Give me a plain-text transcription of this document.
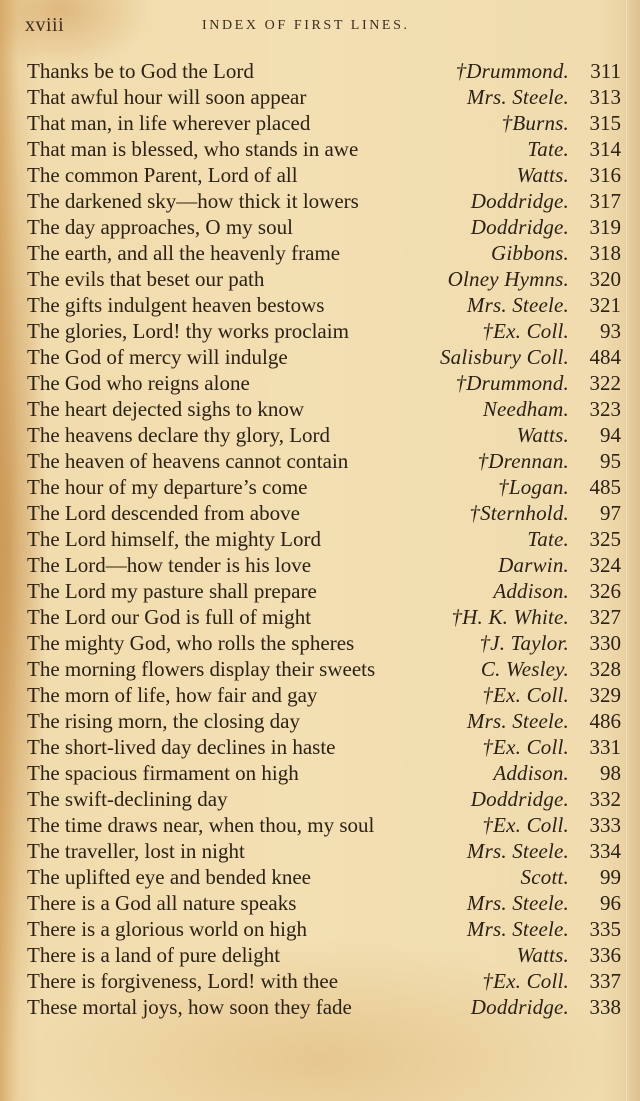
xviii	INDEX OF FIRST LINES.
Thanks be to God the Lord	†Drummond.	311
That awful hour will soon appear	Mrs. Steele. 313
That man, in life wherever placed	†Burns. 315
That man is blessed, who stands in awe	Tate. 314
The common Parent, Lord of all	Watts. 316
The darkened sky—how thick it lowers	Doddridge. 317
The day approaches, O my soul	Doddridge. 319
The earth, and all the heavenly frame	Gibbons. 318
The evils that beset our path	Olney Hymns. 320
The gifts indulgent heaven bestows	Mrs. Steele. 321
The glories, Lord! thy works proclaim	†Ex. Coll.	93
The God of mercy will indulge	Salisbury Coll. 484
The God who reigns alone	†Drummond. 322
The heart dejected sighs to know	Needham. 323
The heavens declare thy glory, Lord	Watts.	94
The heaven of heavens cannot contain	†Drennan.	95
The hour of my departure’s come	†Logan. 485
The Lord descended from above	†Sternhold.	97
The Lord himself, the mighty Lord	Tate. 325
The Lord—how tender is his love	Darwin. 324
The Lord my pasture shall prepare	Addison. 326
The Lord our God is full of might	†H. K. White. 327
The mighty God, who rolls the spheres	†J. Taylor. 330
The morning flowers display their sweets	C. Wesley. 328
The morn of life, how fair and gay	†Ex. Coll. 329
The rising morn, the closing day	Mrs. Steele. 486
The short-lived day declines in haste	†Ex. Coll. 331
The spacious firmament on high	Addison.	98
The swift-declining day	Doddridge. 332
The time draws near, when thou, my soul	†Ex. Coll. 333
The traveller, lost in night	Mrs. Steele. 334
The uplifted eye and bended knee	Scott.	99
There is a God all nature speaks	Mrs. Steele.	96
There is a glorious world on high	Mrs. Steele. 335
There is a land of pure delight	Watts. 336
There is forgiveness, Lord! with thee	†Ex. Coll. 337
These mortal joys, how soon they fade	Doddridge. 338
